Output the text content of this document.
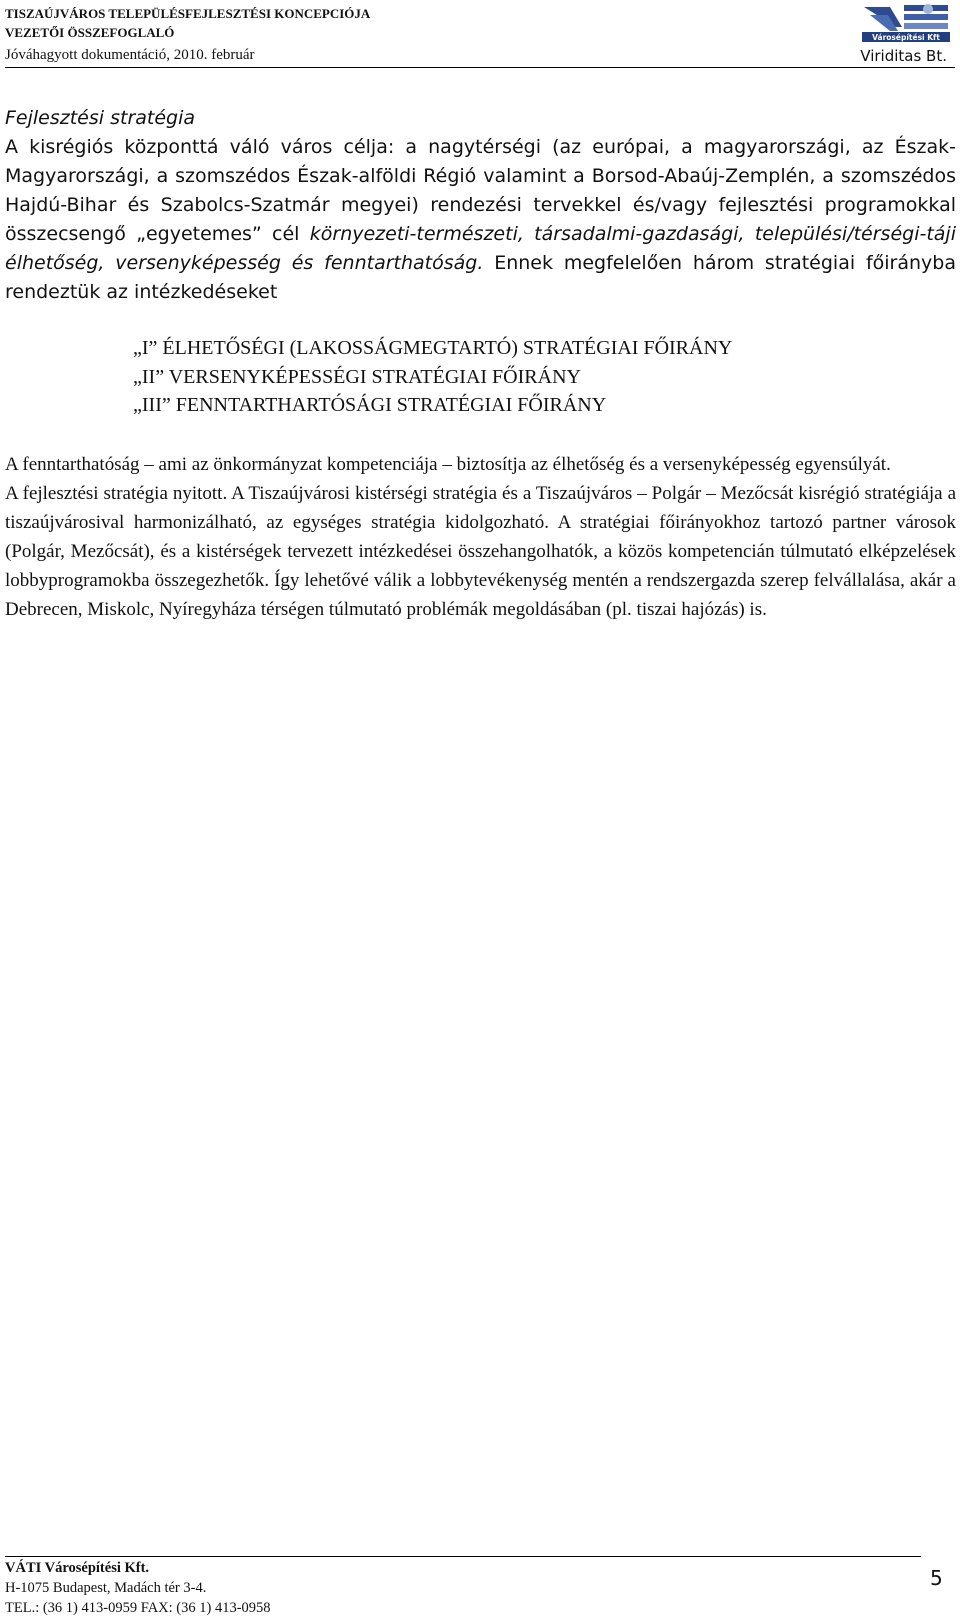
TISZAÚJVÁROS TELEPÜLÉSFEJLESZTÉSI KONCEPCIÓJA
VEZETŐI ÖSSZEFOGLALÓ
Jóváhagyott dokumentáció, 2010. február	Viriditas Bt.
Városépítési Kft

Fejlesztési stratégia

A kisrégiós központtá váló város célja: a nagytérségi (az európai, a magyarországi, az Észak-Magyarországi, a szomszédos Észak-alföldi Régió valamint a Borsod-Abaúj-Zemplén, a szomszédos Hajdú-Bihar és Szabolcs-Szatmár megyei) rendezési tervekkel és/vagy fejlesztési programokkal összecsengő „egyetemes” cél környezeti-természeti, társadalmi-gazdasági, települési/térségi-táji élhetőség, versenyképesség és fenntarthatóság. Ennek megfelelően három stratégiai főirányba rendeztük az intézkedéseket

„I” ÉLHETŐSÉGI (LAKOSSÁGMEGTARTÓ) STRATÉGIAI FŐIRÁNY
„II” VERSENYKÉPESSÉGI STRATÉGIAI FŐIRÁNY
„III” FENNTARTHARTÓSÁGI STRATÉGIAI FŐIRÁNY

A fenntarthatóság – ami az önkormányzat kompetenciája – biztosítja az élhetőség és a versenyképesség egyensúlyát.

A fejlesztési stratégia nyitott. A Tiszaújvárosi kistérségi stratégia és a Tiszaújváros – Polgár – Mezőcsát kisrégió stratégiája a tiszaújvárosival harmonizálható, az egységes stratégia kidolgozható. A stratégiai főirányokhoz tartozó partner városok (Polgár, Mezőcsát), és a kistérségek tervezett intézkedései összehangolhatók, a közös kompetencián túlmutató elképzelések lobbyprogramokba összegezhetők. Így lehetővé válik a lobbytevékenység mentén a rendszergazda szerep felvállalása, akár a Debrecen, Miskolc, Nyíregyháza térségen túlmutató problémák megoldásában (pl. tiszai hajózás) is.

VÁTI Városépítési Kft.
H-1075 Budapest, Madách tér 3-4.
TEL.: (36 1) 413-0959 FAX: (36 1) 413-0958
5
